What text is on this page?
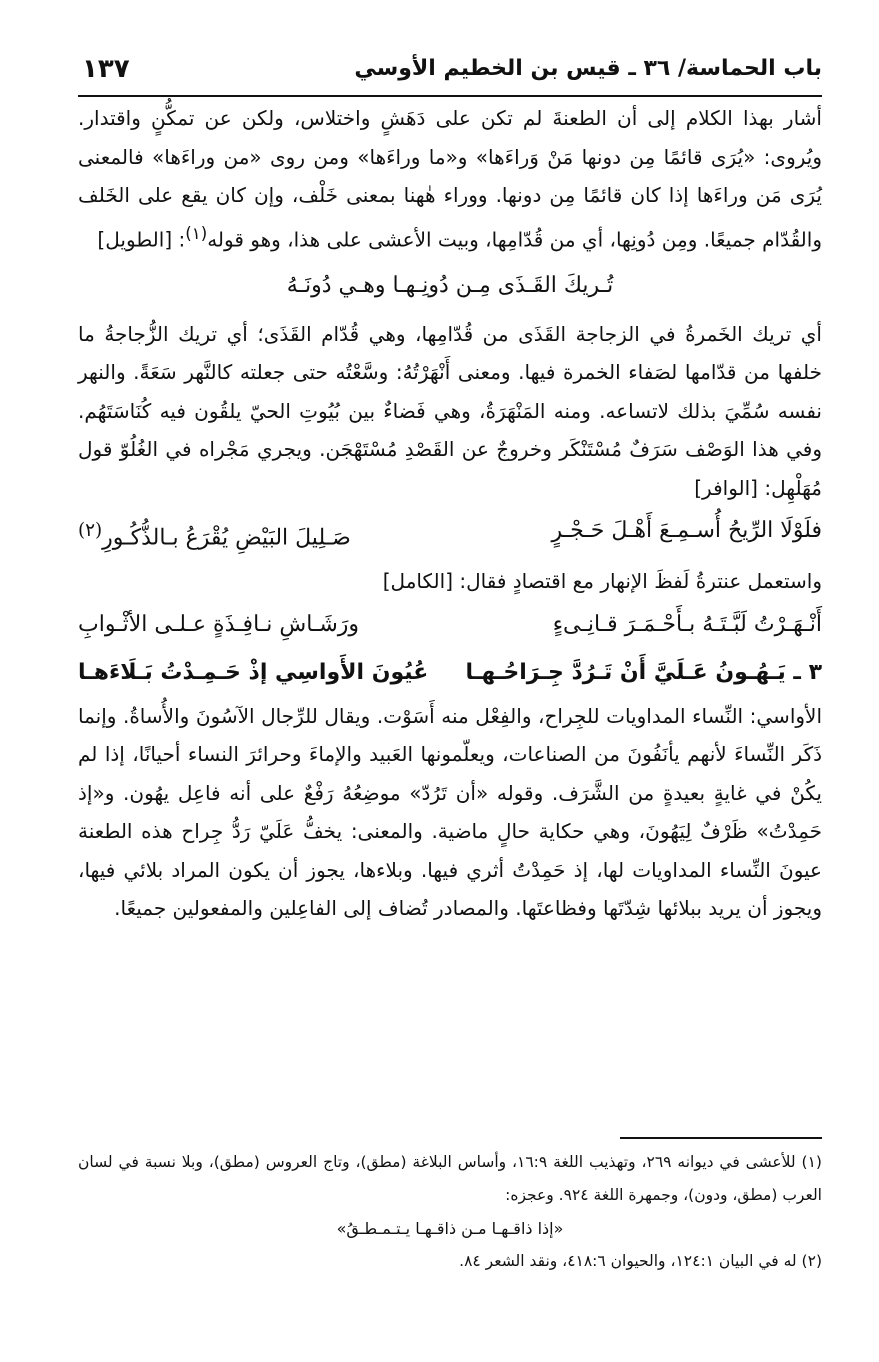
باب الحماسة/ ٣٦ ـ قيس بن الخطيم الأوسي
١٣٧

أشار بهذا الكلام إلى أن الطعنةَ لم تكن على دَهَشٍ واختلاس، ولكن عن تمكُّنٍ واقتدار. ويُروى: «يُرَى قائمًا مِن دونها مَنْ وَراءَها» و«ما وراءَها» ومن روى «من وراءَها» فالمعنى يُرَى مَن وراءَها إذا كان قائمًا مِن دونها. ووراء هٰهنا بمعنى خَلْف، وإن كان يقع على الخَلف والقُدّام جميعًا. ومِن دُونِها، أي من قُدّامِها، وبيت الأعشى على هذا، وهو قوله$^{(١)}$: [الطويل]

تُـريكَ القَـذَى مِـن دُونِـهـا وهـي دُونَـهُ

أي تريك الخَمرةُ في الزجاجة القَذَى من قُدّامِها، وهي قُدّام القَذَى؛ أي تريك الزُّجاجةُ ما خلفها من قدّامها لصَفاء الخمرة فيها. ومعنى أَنْهَرْتُهُ: وسَّعْتُه حتى جعلته كالنَّهر سَعَةً. والنهر نفسه سُمِّيَ بذلك لاتساعه. ومنه المَنْهَرَةُ، وهي فَضاءٌ بين بُيُوتِ الحيّ يلقُون فيه كُنَاسَتَهُم. وفي هذا الوَصْف سَرَفٌ مُسْتَنْكَر وخروجٌ عن القَصْدِ مُسْتَهْجَن. ويجري مَجْراه في الغُلُوّ قول مُهَلْهِل: [الوافر]

فلَوْلَا الرِّيحُ أُسـمِـعَ أَهْـلَ حَـجْـرٍ
صَـلِيلَ البَيْضِ يُقْرَعُ بـالذُّكُـورِ$^{(٢)}$

واستعمل عنترةُ لَفظَ الإنهار مع اقتصادٍ فقال: [الكامل]

أَنْـهَـرْتُ لَبَّـتَـهُ بـأَحْـمَـرَ قـانِـىءٍ
ورَشَـاشِ نـافِـذَةٍ عـلـى الأثْـوابِ
٣ ـ يَـهُـونُ عَـلَيَّ أَنْ تَـرُدَّ جِـرَاحُـهـا
عُيُونَ الأَواسِي إذْ حَـمِـدْتُ بَـلَاءَهـا

الأواسي: النِّساء المداويات للجِراح، والفِعْل منه أَسَوْت. ويقال للرِّجال الآسُونَ والأُساةُ. وإنما ذَكَر النِّساءَ لأنهم يأنَفُونَ من الصناعات، ويعلّمونها العَبيد والإماءَ وحرائرَ النساء أحيانًا، إذا لم يكُنْ في غايةٍ بعيدةٍ من الشَّرَف. وقوله «أن تَرُدّ» موضِعُهُ رَفْعٌ على أنه فاعِل يهُون. و«إذ حَمِدْتُ» ظَرْفٌ لِيَهُونَ، وهي حكاية حالٍ ماضية. والمعنى: يخفُّ عَلَيّ رَدُّ جِراح هذه الطعنة عيونَ النِّساء المداويات لها، إذ حَمِدْتُ أثري فيها. وبلاءها، يجوز أن يكون المراد بلائي فيها، ويجوز أن يريد ببلائها شِدّتَها وفظاعتَها. والمصادر تُضاف إلى الفاعِلين والمفعولين جميعًا.

(١) للأعشى في ديوانه ٢٦٩، وتهذيب اللغة ١٦:٩، وأساس البلاغة (مطق)، وتاج العروس (مطق)، وبلا نسبة في لسان العرب (مطق، ودون)، وجمهرة اللغة ٩٢٤. وعجزه:

«إذا ذاقـهـا مـن ذاقـهـا يـتـمـطـقُ»

(٢) له في البيان ١٢٤:١، والحيوان ٤١٨:٦، ونقد الشعر ٨٤.
